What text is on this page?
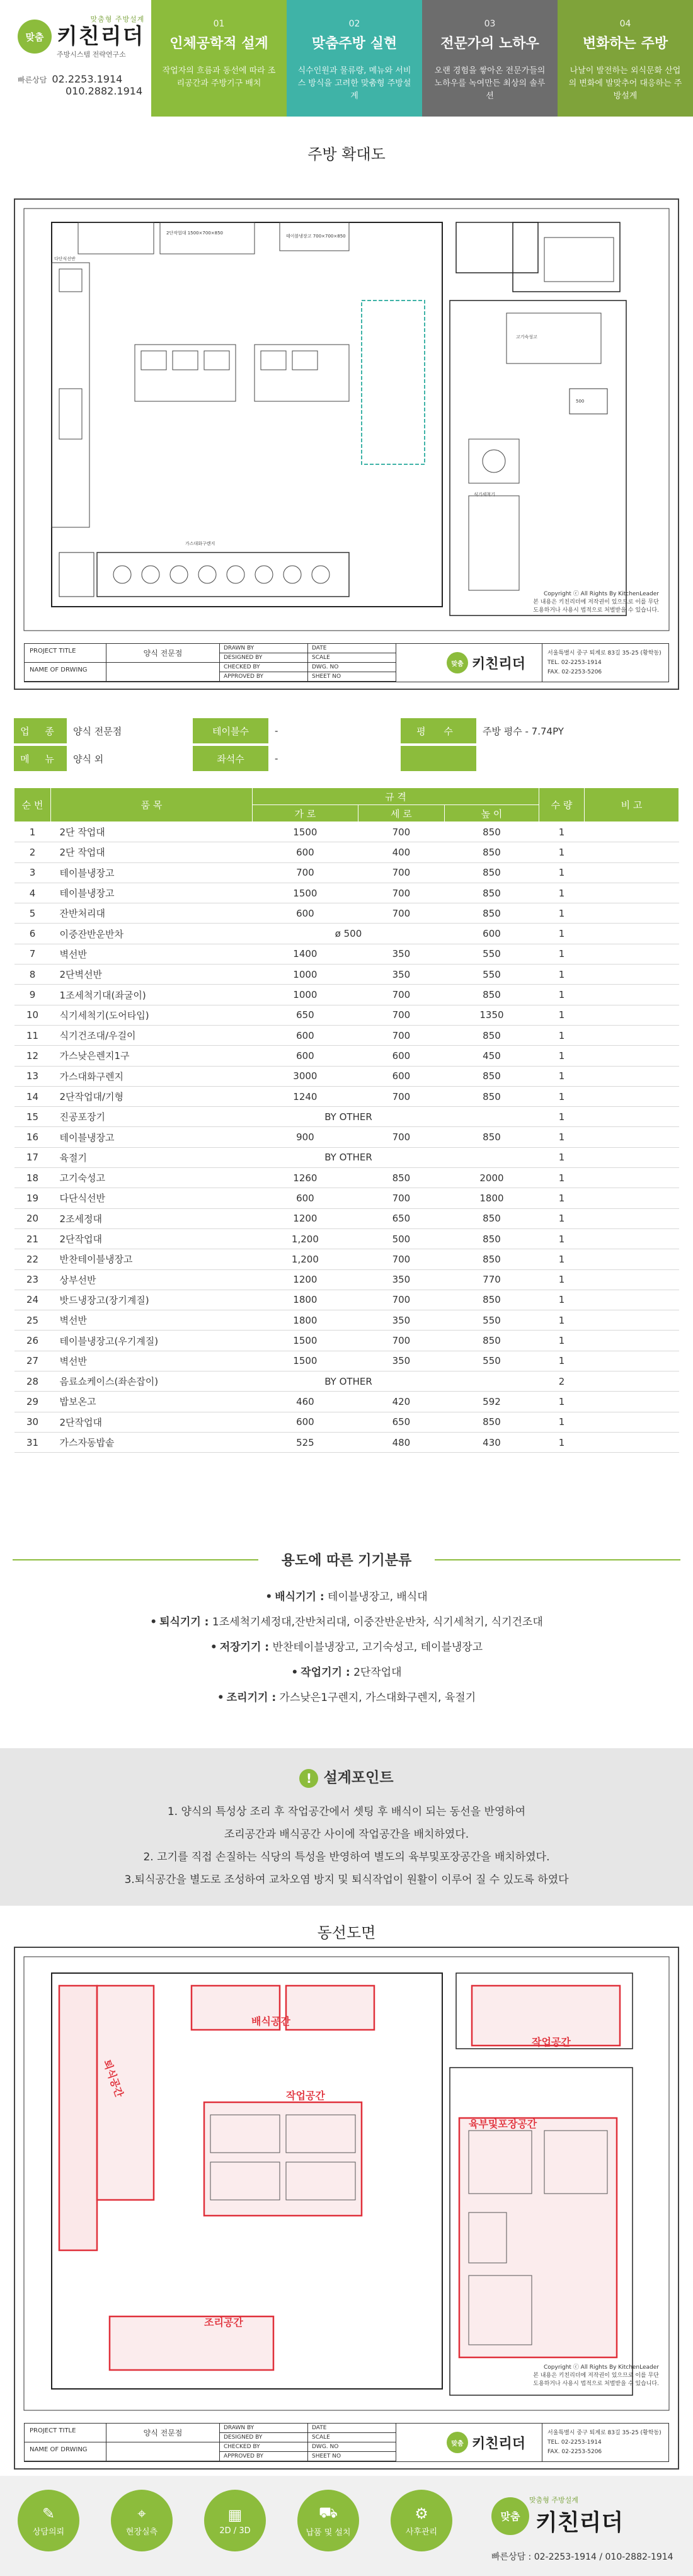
맞춤
맞춤형 주방설계
키친리더
주방시스템 전략연구소
빠른상담 02.2253.1914
010.2882.1914
01
인체공학적 설계
작업자의 흐름과 동선에 따라 조리공간과 주방기구 배치
02
맞춤주방 실현
식수인원과 물류량, 메뉴와 서비스 방식을 고려한 맞춤형 주방설계
03
전문가의 노하우
오랜 경험을 쌓아온 전문가들의 노하우를 녹여만든 최상의 솔루션
04
변화하는 주방
나날이 발전하는 외식문화 산업의 변화에 발맞추어 대응하는 주방설계
주방 확대도
2단작업대 1500×700×850
테이블냉장고 700×700×850
가스대화구렌지
고기숙성고
식기세척기
다단식선반
500
Copyright ⓒ All Rights By KitchenLeader
본 내용은 키친리더에 저작권이 있으므로 이를 무단
도용하거나 사용시 법적으로 처벌받을 수 있습니다.
PROJECT TITLE
NAME OF DRWING
양식 전문점
DRAWN BY
DESIGNED BY
CHECKED BY
APPROVED BY
DATE
SCALE
DWG. NO
SHEET NO
맞춤 키친리더
서울특별시 중구 퇴계로 83길 35-25 (황학동)
TEL. 02-2253-1914
FAX. 02-2253-5206
업 종	양식 전문점	테이블수	-	평 수	주방 평수 - 7.74PY
메 뉴	양식 외	좌석수	-
순 번	품 목	규 격			수 량	비 고
		가 로	세 로	높 이		
1	2단 작업대	1500	700	850	1	
2	2단 작업대	600	400	850	1	
3	테이블냉장고	700	700	850	1	
4	테이블냉장고	1500	700	850	1	
5	잔반처리대	600	700	850	1	
6	이중잔반운반차	ø 500		600	1	
7	벽선반	1400	350	550	1	
8	2단벽선반	1000	350	550	1	
9	1조세척기대(좌굴이)	1000	700	850	1	
10	식기세척기(도어타입)	650	700	1350	1	
11	식기건조대/우걸이	600	700	850	1	
12	가스낮은렌지1구	600	600	450	1	
13	가스대화구렌지	3000	600	850	1	
14	2단작업대/기형	1240	700	850	1	
15	진공포장기	BY OTHER			1	
16	테이블냉장고	900	700	850	1	
17	육절기	BY OTHER			1	
18	고기숙성고	1260	850	2000	1	
19	다단식선반	600	700	1800	1	
20	2조세정대	1200	650	850	1	
21	2단작업대	1,200	500	850	1	
22	반찬테이블냉장고	1,200	700	850	1	
23	상부선반	1200	350	770	1	
24	밧드냉장고(장기계질)	1800	700	850	1	
25	벽선반	1800	350	550	1	
26	테이블냉장고(우기계질)	1500	700	850	1	
27	벽선반	1500	350	550	1	
28	음료쇼케이스(좌손잡이)	BY OTHER			2	
29	밥보온고	460	420	592	1	
30	2단작업대	600	650	850	1	
31	가스자동밥솥	525	480	430	1	
용도에 따른 기기분류
• 배식기기 : 테이블냉장고, 배식대
• 퇴식기기 : 1조세척기세정대,잔반처리대, 이중잔반운반차, 식기세척기, 식기건조대
• 저장기기 : 반찬테이블냉장고, 고기숙성고, 테이블냉장고
• 작업기기 : 2단작업대
• 조리기기 : 가스낮은1구렌지, 가스대화구렌지, 육절기
! 설계포인트
1. 양식의 특성상 조리 후 작업공간에서 셋팅 후 배식이 되는 동선을 반영하여
조리공간과 배식공간 사이에 작업공간을 배치하였다.
2. 고기를 직접 손질하는 식당의 특성을 반영하여 별도의 육부및포장공간을 배치하였다.
3.퇴식공간을 별도로 조성하여 교차오염 방지 및 퇴식작업이 원활이 이루어 질 수 있도록 하였다
동선도면
배식공간
작업공간
작업공간
육부및포장공간
조리공간
퇴식공간
Copyright ⓒ All Rights By KitchenLeader
본 내용은 키친리더에 저작권이 있으므로 이를 무단
도용하거나 사용시 법적으로 처벌받을 수 있습니다.
PROJECT TITLE
NAME OF DRWING
양식 전문점
DRAWN BY
DESIGNED BY
CHECKED BY
APPROVED BY
DATE
SCALE
DWG. NO
SHEET NO
맞춤 키친리더
서울특별시 중구 퇴계로 83길 35-25 (황학동)
TEL. 02-2253-1914
FAX. 02-2253-5206
✎
상담의뢰
⌖
현장실측
▦
2D / 3D
⛟
납품 및 설치
⚙
사후관리
맞춤
맞춤형 주방설계
키친리더
빠른상담 : 02-2253-1914 / 010-2882-1914
